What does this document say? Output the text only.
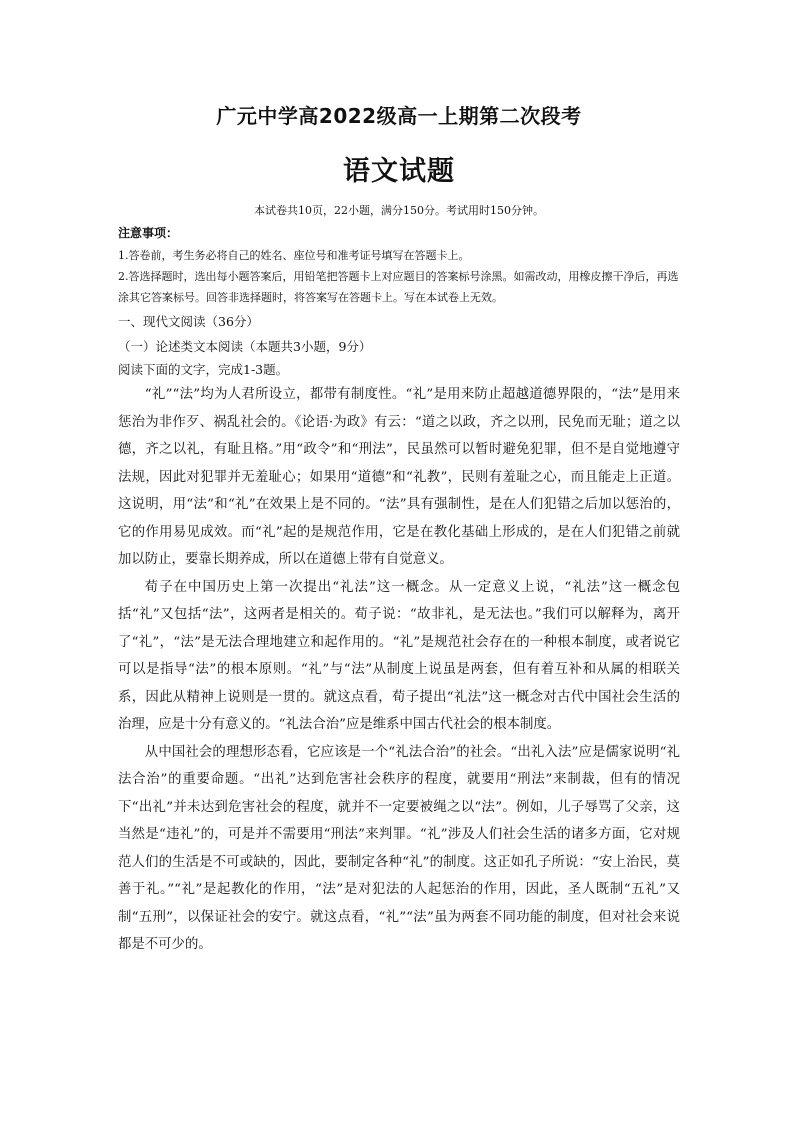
广元中学高2022级高一上期第二次段考
语文试题
本试卷共10页，22小题，满分150分。考试用时150分钟。
注意事项：

1.答卷前，考生务必将自己的姓名、座位号和准考证号填写在答题卡上。

2.答选择题时，选出每小题答案后，用铅笔把答题卡上对应题目的答案标号涂黑。如需改动，用橡皮擦干净后，再选涂其它答案标号。回答非选择题时，将答案写在答题卡上。写在本试卷上无效。

一、现代文阅读（36分）
（一）论述类文本阅读（本题共3小题，9分）
阅读下面的文字，完成1-3题。

“礼”“法”均为人君所设立，都带有制度性。“礼”是用来防止超越道德界限的，“法”是用来惩治为非作歹、祸乱社会的。《论语·为政》有云：“道之以政，齐之以刑，民免而无耻；道之以德，齐之以礼，有耻且格。”用“政令”和“刑法”，民虽然可以暂时避免犯罪，但不是自觉地遵守法规，因此对犯罪并无羞耻心；如果用“道德”和“礼教”，民则有羞耻之心，而且能走上正道。这说明，用“法”和“礼”在效果上是不同的。“法”具有强制性，是在人们犯错之后加以惩治的，它的作用易见成效。而“礼”起的是规范作用，它是在教化基础上形成的，是在人们犯错之前就加以防止，要靠长期养成，所以在道德上带有自觉意义。

荀子在中国历史上第一次提出“礼法”这一概念。从一定意义上说，“礼法”这一概念包括“礼”又包括“法”，这两者是相关的。荀子说：“故非礼，是无法也。”我们可以解释为，离开了“礼”，“法”是无法合理地建立和起作用的。“礼”是规范社会存在的一种根本制度，或者说它可以是指导“法”的根本原则。“礼”与“法”从制度上说虽是两套，但有着互补和从属的相联关系，因此从精神上说则是一贯的。就这点看，荀子提出“礼法”这一概念对古代中国社会生活的治理，应是十分有意义的。“礼法合治”应是维系中国古代社会的根本制度。

从中国社会的理想形态看，它应该是一个“礼法合治”的社会。“出礼入法”应是儒家说明“礼法合治”的重要命题。“出礼”达到危害社会秩序的程度，就要用“刑法”来制裁，但有的情况下“出礼”并未达到危害社会的程度，就并不一定要被绳之以“法”。例如，儿子辱骂了父亲，这当然是“违礼”的，可是并不需要用“刑法”来判罪。“礼”涉及人们社会生活的诸多方面，它对规范人们的生活是不可或缺的，因此，要制定各种“礼”的制度。这正如孔子所说：“安上治民，莫善于礼。”“礼”是起教化的作用，“法”是对犯法的人起惩治的作用，因此，圣人既制“五礼”又制“五刑”，以保证社会的安宁。就这点看，“礼”“法”虽为两套不同功能的制度，但对社会来说都是不可少的。
